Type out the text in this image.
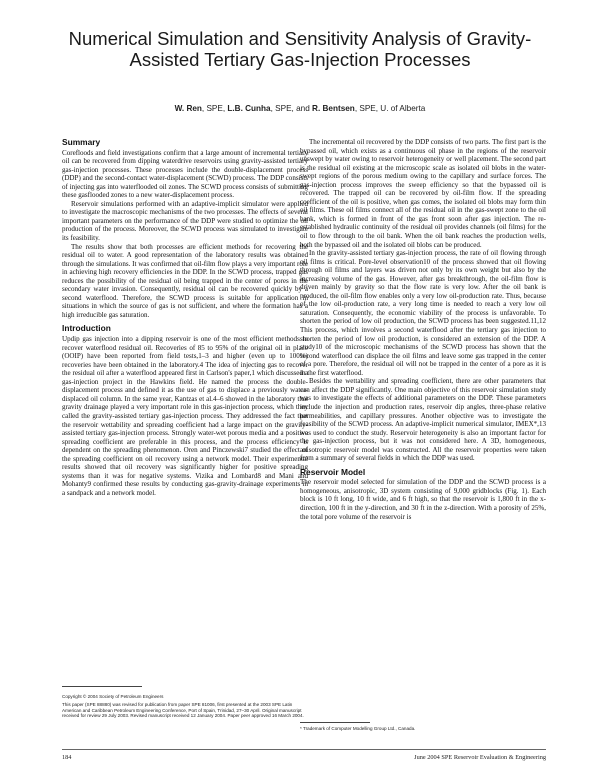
Numerical Simulation and Sensitivity Analysis of Gravity-Assisted Tertiary Gas-Injection Processes
W. Ren, SPE, L.B. Cunha, SPE, and R. Bentsen, SPE, U. of Alberta
Summary

Corefloods and field investigations confirm that a large amount of incremental tertiary oil can be recovered from dipping waterdrive reservoirs using gravity-assisted tertiary gas-injection processes. These processes include the double-displacement process (DDP) and the second-contact water-displacement (SCWD) process. The DDP consists of injecting gas into waterflooded oil zones. The SCWD process consists of submitting these gasflooded zones to a new water-displacement process.

Reservoir simulations performed with an adaptive-implicit simulator were applied to investigate the macroscopic mechanisms of the two processes. The effects of several important parameters on the performance of the DDP were studied to optimize the oil production of the process. Moreover, the SCWD process was simulated to investigate its feasibility.

The results show that both processes are efficient methods for recovering the residual oil to water. A good representation of the laboratory results was obtained through the simulations. It was confirmed that oil-film flow plays a very important role in achieving high recovery efficiencies in the DDP. In the SCWD process, trapped gas reduces the possibility of the residual oil being trapped in the center of pores in the secondary water invasion. Consequently, residual oil can be recovered quickly by a second waterflood. Therefore, the SCWD process is suitable for application in situations in which the source of gas is not sufficient, and where the formation has a high irreducible gas saturation.

Introduction

Updip gas injection into a dipping reservoir is one of the most efficient methods to recover waterflood residual oil. Recoveries of 85 to 95% of the original oil in place (OOIP) have been reported from field tests,1–3 and higher (even up to 100%) recoveries have been obtained in the laboratory.4 The idea of injecting gas to recover the residual oil after a waterflood appeared first in Carlson's paper,1 which discussed a gas-injection project in the Hawkins field. He named the process the double-displacement process and defined it as the use of gas to displace a previously water-displaced oil column. In the same year, Kantzas et al.4–6 showed in the laboratory that gravity drainage played a very important role in this gas-injection process, which they called the gravity-assisted tertiary gas-injection process. They addressed the fact that the reservoir wettability and spreading coefficient had a large impact on the gravity-assisted tertiary gas-injection process. Strongly water-wet porous media and a positive spreading coefficient are preferable in this process, and the process efficiency is dependent on the spreading phenomenon. Oren and Pinczewski7 studied the effect of the spreading coefficient on oil recovery using a network model. Their experimental results showed that oil recovery was significantly higher for positive spreading systems than it was for negative systems. Vizika and Lombard8 and Mani and Mohanty9 confirmed these results by conducting gas-gravity-drainage experiments in a sandpack and a network model.

The incremental oil recovered by the DDP consists of two parts. The first part is the bypassed oil, which exists as a continuous oil phase in the regions of the reservoir unswept by water owing to reservoir heterogeneity or well placement. The second part is the residual oil existing at the microscopic scale as isolated oil blobs in the water-swept regions of the porous medium owing to the capillary and surface forces. The gas-injection process improves the sweep efficiency so that the bypassed oil is recovered. The trapped oil can be recovered by oil-film flow. If the spreading coefficient of the oil is positive, when gas comes, the isolated oil blobs may form thin oil films. These oil films connect all of the residual oil in the gas-swept zone to the oil bank, which is formed in front of the gas front soon after gas injection. The re-established hydraulic continuity of the residual oil provides channels (oil films) for the oil to flow through to the oil bank. When the oil bank reaches the production wells, both the bypassed oil and the isolated oil blobs can be produced.

In the gravity-assisted tertiary gas-injection process, the rate of oil flowing through oil films is critical. Pore-level observation10 of the process showed that oil flowing through oil films and layers was driven not only by its own weight but also by the increasing volume of the gas. However, after gas breakthrough, the oil-film flow is driven mainly by gravity so that the flow rate is very low. After the oil bank is produced, the oil-film flow enables only a very low oil-production rate. Thus, because of the low oil-production rate, a very long time is needed to reach a very low oil saturation. Consequently, the economic viability of the process is unfavorable. To shorten the period of low oil production, the SCWD process has been suggested.11,12 This process, which involves a second waterflood after the tertiary gas injection to shorten the period of low oil production, is considered an extension of the DDP. A study10 of the microscopic mechanisms of the SCWD process has shown that the second waterflood can displace the oil films and leave some gas trapped in the center of a pore. Therefore, the residual oil will not be trapped in the center of a pore as it is in the first waterflood.

Besides the wettability and spreading coefficient, there are other parameters that can affect the DDP significantly. One main objective of this reservoir simulation study was to investigate the effects of additional parameters on the DDP. These parameters include the injection and production rates, reservoir dip angles, three-phase relative permeabilities, and capillary pressures. Another objective was to investigate the feasibility of the SCWD process. An adaptive-implicit numerical simulator, IMEX*,13 was used to conduct the study. Reservoir heterogeneity is also an important factor for the gas-injection process, but it was not considered here. A 3D, homogeneous, anisotropic reservoir model was constructed. All the reservoir properties were taken from a summary of several fields in which the DDP was used.

Reservoir Model

The reservoir model selected for simulation of the DDP and the SCWD process is a homogeneous, anisotropic, 3D system consisting of 9,000 gridblocks (Fig. 1). Each block is 10 ft long, 10 ft wide, and 6 ft high, so that the reservoir is 1,800 ft in the x-direction, 100 ft in the y-direction, and 30 ft in the z-direction. With a porosity of 25%, the total pore volume of the reservoir is

Copyright © 2004 Society of Petroleum Engineers
This paper (SPE 88880) was revised for publication from paper SPE 81006, first presented at the 2003 SPE Latin American and Caribbean Petroleum Engineering Conference, Port of Spain, Trinidad, 27–30 April. Original manuscript received for review 29 July 2003. Revised manuscript received 12 January 2004. Paper peer approved 16 March 2004.
* Trademark of Computer Modelling Group Ltd., Canada.
184	June 2004 SPE Reservoir Evaluation & Engineering
